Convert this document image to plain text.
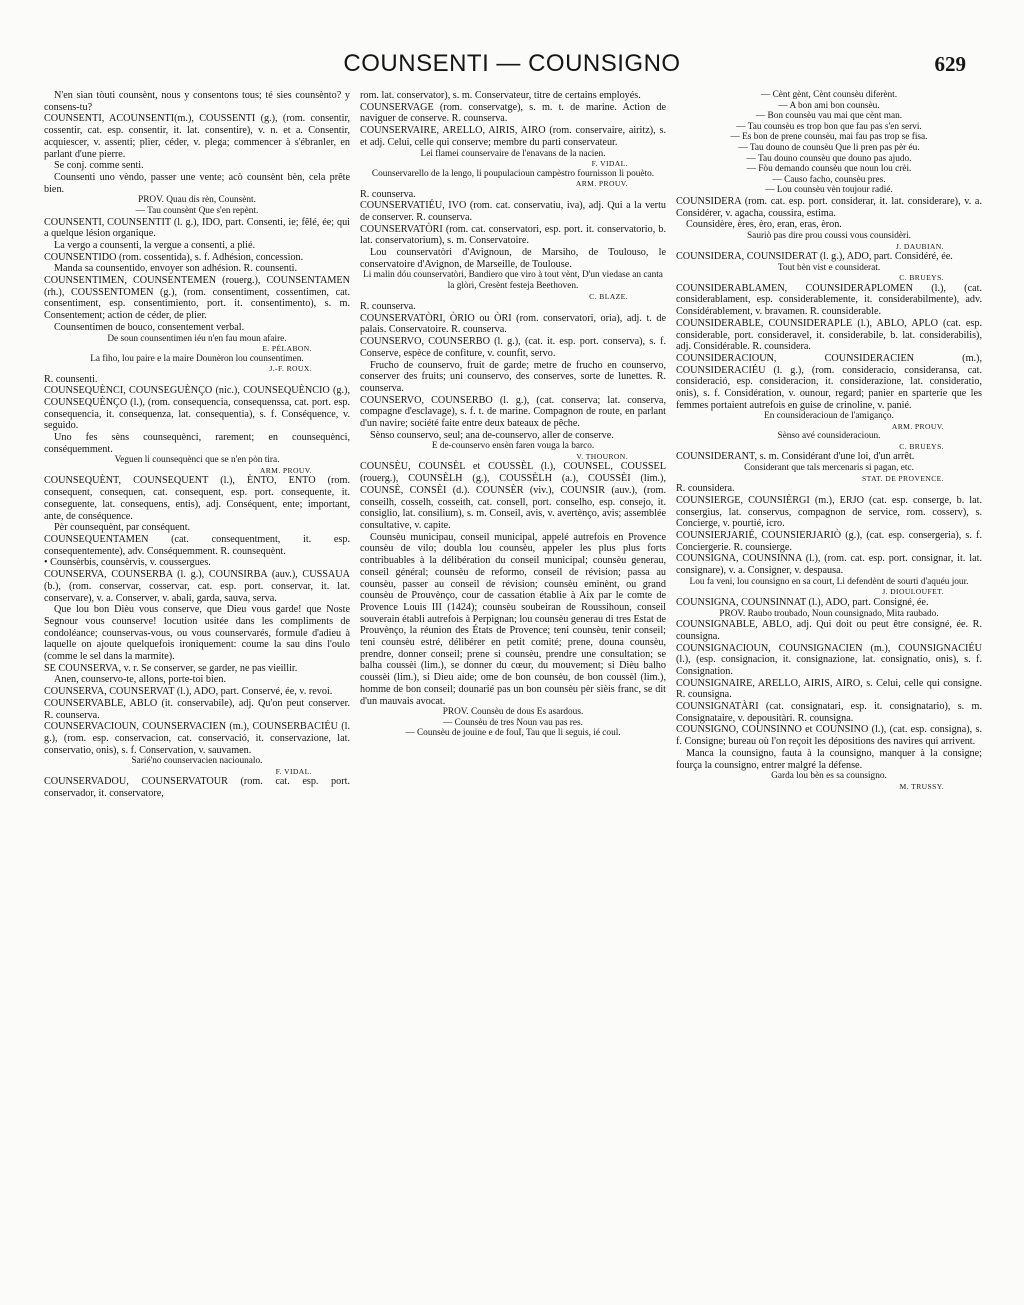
COUNSENTI — COUNSIGNO	629

N'en sian tòuti counsènt, nous y consentons tous; té sies counsènto? y consens-tu?

COUNSENTI, ACOUNSENTI(m.), COUSSENTI (g.), (rom. consentir, cossentir, cat. esp. consentir, it. lat. consentire), v. n. et a. Consentir, acquiescer, v. assenti; plier, céder, v. plega; commencer à s'ébranler, en parlant d'une pierre.

Se conj. comme senti.

Counsenti uno vèndo, passer une vente; acò counsènt bèn, cela prête bien.

PROV. Quau dis rèn, Counsènt.

— Tau counsènt Que s'en repènt.

COUNSENTI, COUNSENTIT (l. g.), IDO, part. Consenti, ie; fêlé, ée; qui a quelque lésion organique.

La vergo a counsenti, la vergue a consenti, a plié.

COUNSENTIDO (rom. cossentida), s. f. Adhésion, concession.

Manda sa counsentido, envoyer son adhésion. R. counsenti.

COUNSENTIMEN, COUNSENTEMEN (rouerg.), COUNSENTAMEN (rh.), COUSSENTOMEN (g.), (rom. consentiment, cossentimen, cat. consentiment, esp. consentimiento, port. it. consentimento), s. m. Consentement; action de céder, de plier.

Counsentimen de bouco, consentement verbal.

De soun counsentimen iéu n'en fau moun afaire.

E. PÉLABON.

La fiho, lou paire e la maire Dounèron lou counsentimen.

J.-F. ROUX.

R. counsenti.

COUNSEQUÈNCI, COUNSEGUÈNÇO (nic.), COUNSEQUÈNCIO (g.), COUNSEQUÈNÇO (l.), (rom. consequencia, consequenssa, cat. port. esp. consequencia, it. consequenza, lat. consequentia), s. f. Conséquence, v. seguido.

Uno fes sèns counsequènci, rarement; en counsequènci, conséquemment.

Veguen li counsequènci que se n'en pòn tira.

ARM. PROUV.

COUNSEQUÈNT, COUNSEQUENT (l.), ÈNTO, ENTO (rom. consequent, consequen, cat. consequent, esp. port. consequente, it. conseguente, lat. consequens, entis), adj. Conséquent, ente; important, ante, de conséquence.

Pèr counsequènt, par conséquent.

COUNSEQUENTAMEN (cat. consequentment, it. esp. consequentemente), adv. Conséquemment. R. counsequènt.

• Counsèrbis, counsèrvis, v. coussergues.

COUNSERVA, COUNSERBA (l. g.), COUNSIRBA (auv.), CUSSAUA (b.), (rom. conservar, cosservar, cat. esp. port. conservar, it. lat. conservare), v. a. Conserver, v. abali, garda, sauva, serva.

Que lou bon Dièu vous conserve, que Dieu vous garde! que Noste Segnour vous counserve! locution usitée dans les compliments de condoléance; counservas-vous, ou vous counservarés, formule d'adieu à laquelle on ajoute quelquefois ironiquement: coume la sau dins l'oulo (comme le sel dans la marmite).

SE COUNSERVA, v. r. Se conserver, se garder, ne pas vieillir.

Anen, counservo-te, allons, porte-toi bien.

COUNSERVA, COUNSERVAT (l.), ADO, part. Conservé, ée, v. revoi.

COUNSERVABLE, ABLO (it. conservabile), adj. Qu'on peut conserver. R. counserva.

COUNSERVACIOUN, COUNSERVACIEN (m.), COUNSERBACIÉU (l. g.), (rom. esp. conservacion, cat. conservació, it. conservazione, lat. conservatio, onis), s. f. Conservation, v. sauvamen.

Sarié'no counservacien naciounalo.

F. VIDAL.

COUNSERVADOU, COUNSERVATOUR (rom. cat. esp. port. conservador, it. conservatore,

rom. lat. conservator), s. m. Conservateur, titre de certains employés.

COUNSERVAGE (rom. conservatge), s. m. t. de marine. Action de naviguer de conserve. R. counserva.

COUNSERVAIRE, ARELLO, AIRIS, AIRO (rom. conservaire, airitz), s. et adj. Celui, celle qui conserve; membre du parti conservateur.

Lei flamei counservaire de l'enavans de la nacien.

F. VIDAL.

Counservarello de la lengo, li poupulacioun campèstro fournisson li pouèto.

ARM. PROUV.

R. counserva.

COUNSERVATIÉU, IVO (rom. cat. conservatiu, iva), adj. Qui a la vertu de conserver. R. counserva.

COUNSERVATÒRI (rom. cat. conservatori, esp. port. it. conservatorio, b. lat. conservatorium), s. m. Conservatoire.

Lou counservatòri d'Avignoun, de Marsiho, de Toulouso, le conservatoire d'Avignon, de Marseille, de Toulouse.

Li malin dóu counservatòri, Bandiero que viro à tout vènt, D'un viedase an canta la glòri, Cresènt festeja Beethoven.

C. BLAZE.

R. counserva.

COUNSERVATÒRI, ÒRIO ou ÒRI (rom. conservatori, oria), adj. t. de palais. Conservatoire. R. counserva.

COUNSERVO, COUNSERBO (l. g.), (cat. it. esp. port. conserva), s. f. Conserve, espèce de confiture, v. counfit, servo.

Frucho de counservo, fruit de garde; metre de frucho en counservo, conserver des fruits; uni counservo, des conserves, sorte de lunettes. R. counserva.

COUNSERVO, COUNSERBO (l. g.), (cat. conserva; lat. conserva, compagne d'esclavage), s. f. t. de marine. Compagnon de route, en parlant d'un navire; société faite entre deux bateaux de pêche.

Sènso counservo, seul; ana de-counservo, aller de conserve.

E de-counservo ensèn faren vouga la barco.

V. THOURON.

COUNSÈU, COUNSÈL et COUSSÈL (l.), COUNSEL, COUSSEL (rouerg.), COUNSÈLH (g.), COUSSÈLH (a.), COUSSÈI (lim.), COUNSÈ, CONSÈI (d.). COUNSÈR (viv.), COUNSIR (auv.), (rom. conseilh, cosselh, cosseith, cat. consell, port. conselho, esp. consejo, it. consiglio, lat. consilium), s. m. Conseil, avis, v. avertènço, avis; assemblée consultative, v. capite.

Counsèu municipau, conseil municipal, appelé autrefois en Provence counsèu de vilo; doubla lou counsèu, appeler les plus plus forts contribuables à la délibération du conseil municipal; counsèu generau, conseil général; counsèu de reformo, conseil de révision; passa au counsèu, passer au conseil de révision; counsèu eminènt, ou grand counsèu de Prouvènço, cour de cassation établie à Aix par le comte de Provence Louis III (1424); counsèu soubeiran de Roussihoun, conseil souverain établi autrefois à Perpignan; lou counsèu generau di tres Estat de Prouvènço, la réunion des États de Provence; teni counsèu, tenir conseil; teni counsèu estré, délibérer en petit comité; prene, douna counsèu, prendre, donner conseil; prene si counsèu, prendre une consultation; se balha coussèi (lim.), se donner du cœur, du mouvement; si Dièu balho coussèi (lim.), si Dieu aide; ome de bon counsèu, de bon coussèl (lim.), homme de bon conseil; dounarié pas un bon counsèu pèr sièis franc, se dit d'un mauvais avocat.

PROV. Counsèu de dous Es asardous.

— Counsèu de tres Noun vau pas res.

— Counsèu de jouine e de fouI, Tau que li seguis, ié coul.

— Cènt gènt, Cènt counsèu diferènt.

— A bon ami bon counsèu.

— Bon counsèu vau mai que cènt man.

— Tau counsèu es trop bon que fau pas s'en servi.

— Es bon de prene counsèu, mai fau pas trop se fisa.

— Tau douno de counsèu Que li pren pas pèr éu.

— Tau douno counsèu que douno pas ajudo.

— Fòu demando counsèu que noun lou crèi.

— Causo facho, counsèu pres.

— Lou counsèu vèn toujour radié.

COUNSIDERA (rom. cat. esp. port. considerar, it. lat. considerare), v. a. Considérer, v. agacha, coussira, estima.

Counsidère, ères, èro, eran, eras, èron.

Sauriò pas dire prou coussi vous counsidèri.

J. DAUBIAN.

COUNSIDERA, COUNSIDERAT (l. g.), ADO, part. Considéré, ée.

Tout bèn vist e counsiderat.

C. BRUEYS.

COUNSIDERABLAMEN, COUNSIDERAPLOMEN (l.), (cat. considerablament, esp. considerablemente, it. considerabilmente), adv. Considérablement, v. bravamen. R. counsiderable.

COUNSIDERABLE, COUNSIDERAPLE (l.), ABLO, APLO (cat. esp. considerable, port. consideravel, it. considerabile, b. lat. considerabilis), adj. Considérable. R. counsidera.

COUNSIDERACIOUN, COUNSIDERACIEN (m.), COUNSIDERACIÉU (l. g.), (rom. consideracio, consideransa, cat. consideració, esp. consideracion, it. considerazione, lat. consideratio, onis), s. f. Considération, v. ounour, regard; panier en sparterie que les femmes portaient autrefois en guise de crinoline, v. panié.

En counsideracioun de l'amiganço.

ARM. PROUV.

Sènso avé counsideracioun.

C. BRUEYS.

COUNSIDERANT, s. m. Considérant d'une loi, d'un arrêt.

Considerant que tals mercenaris si pagan, etc.

STAT. DE PROVENCE.

R. counsidera.

COUNSIERGE, COUNSIÈRGI (m.), ERJO (cat. esp. conserge, b. lat. consergius, lat. conservus, compagnon de service, rom. cosserv), s. Concierge, v. pourtié, icro.

COUNSIERJARIÉ, COUNSIERJARIÒ (g.), (cat. esp. consergeria), s. f. Conciergerie. R. counsierge.

COUNSIGNA, COUNSINNA (l.), (rom. cat. esp. port. consignar, it. lat. consignare), v. a. Consigner, v. despausa.

Lou fa veni, lou counsigno en sa court, Li defendènt de sourti d'aquéu jour.

J. DIOULOUFET.

COUNSIGNA, COUNSINNAT (l.), ADO, part. Consigné, ée.

PROV. Raubo troubado, Noun counsignado, Mita raubado.

COUNSIGNABLE, ABLO, adj. Qui doit ou peut être consigné, ée. R. counsigna.

COUNSIGNACIOUN, COUNSIGNACIEN (m.), COUNSIGNACIÉU (l.), (esp. consignacion, it. consignazione, lat. consignatio, onis), s. f. Consignation.

COUNSIGNAIRE, ARELLO, AIRIS, AIRO, s. Celui, celle qui consigne. R. counsigna.

COUNSIGNATÀRI (cat. consignatari, esp. it. consignatario), s. m. Consignataire, v. depousitàri. R. counsigna.

COUNSIGNO, COUNSINNO et COUNSINO (l.), (cat. esp. consigna), s. f. Consigne; bureau où l'on reçoit les dépositions des navires qui arrivent.

Manca la counsigno, fauta à la counsigno, manquer à la consigne; fourça la counsigno, entrer malgré la défense.

Garda lou bèn es sa counsigno.

M. TRUSSY.
